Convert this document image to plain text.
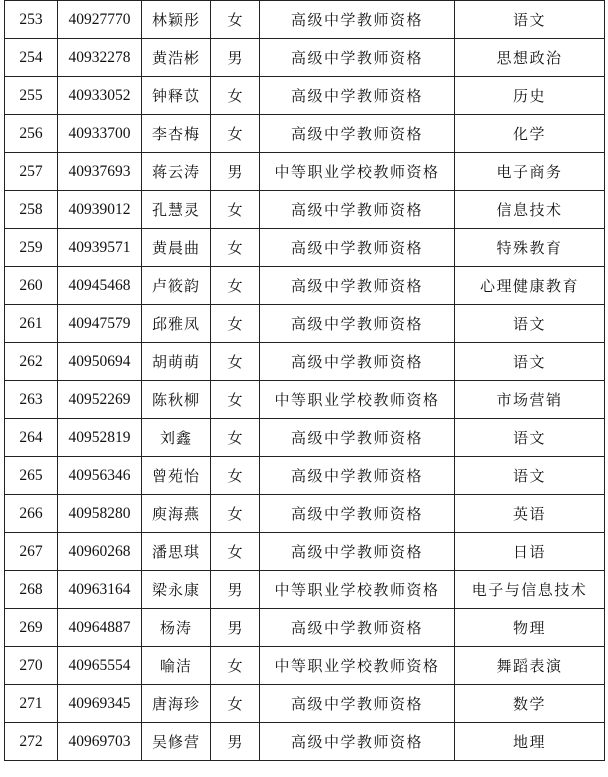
253	40927770	林颖彤	女	高级中学教师资格	语文
254	40932278	黄浩彬	男	高级中学教师资格	思想政治
255	40933052	钟释苡	女	高级中学教师资格	历史
256	40933700	李杏梅	女	高级中学教师资格	化学
257	40937693	蒋云涛	男	中等职业学校教师资格	电子商务
258	40939012	孔慧灵	女	高级中学教师资格	信息技术
259	40939571	黄晨曲	女	高级中学教师资格	特殊教育
260	40945468	卢筱韵	女	高级中学教师资格	心理健康教育
261	40947579	邱雅凤	女	高级中学教师资格	语文
262	40950694	胡萌萌	女	高级中学教师资格	语文
263	40952269	陈秋柳	女	中等职业学校教师资格	市场营销
264	40952819	刘鑫	女	高级中学教师资格	语文
265	40956346	曾苑怡	女	高级中学教师资格	语文
266	40958280	庾海燕	女	高级中学教师资格	英语
267	40960268	潘思琪	女	高级中学教师资格	日语
268	40963164	梁永康	男	中等职业学校教师资格	电子与信息技术
269	40964887	杨涛	男	高级中学教师资格	物理
270	40965554	喻洁	女	中等职业学校教师资格	舞蹈表演
271	40969345	唐海珍	女	高级中学教师资格	数学
272	40969703	吴修营	男	高级中学教师资格	地理
